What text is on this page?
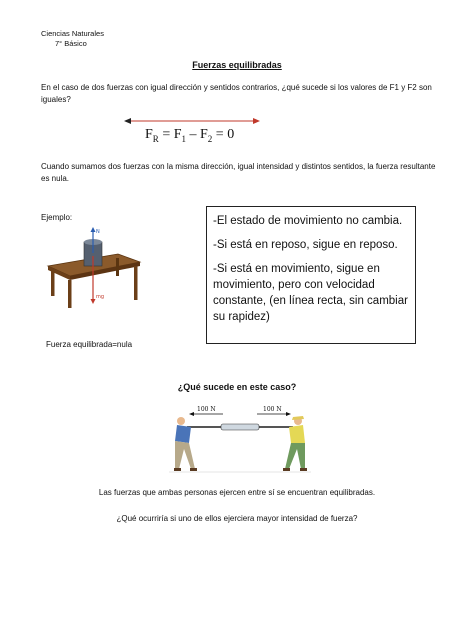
Ciencias Naturales
7° Básico
Fuerzas equilibradas
En el caso de dos fuerzas con igual dirección y sentidos contrarios, ¿qué sucede si los valores de F1 y F2 son iguales?
$F_R = F_1 - F_2 = 0$
Cuando sumamos dos fuerzas con la misma dirección, igual intensidad y distintos sentidos, la fuerza resultante es nula.
Ejemplo:
N
mg
Fuerza equilibrada=nula
-El estado de movimiento no cambia.
-Si está en reposo, sigue en reposo.
-Si está en movimiento, sigue en movimiento, pero con velocidad constante, (en línea recta, sin cambiar su rapidez)
¿Qué sucede en este caso?
100 N	100 N
Las fuerzas que ambas personas ejercen entre sí se encuentran equilibradas.
¿Qué ocurriría si uno de ellos ejerciera mayor intensidad de fuerza?
